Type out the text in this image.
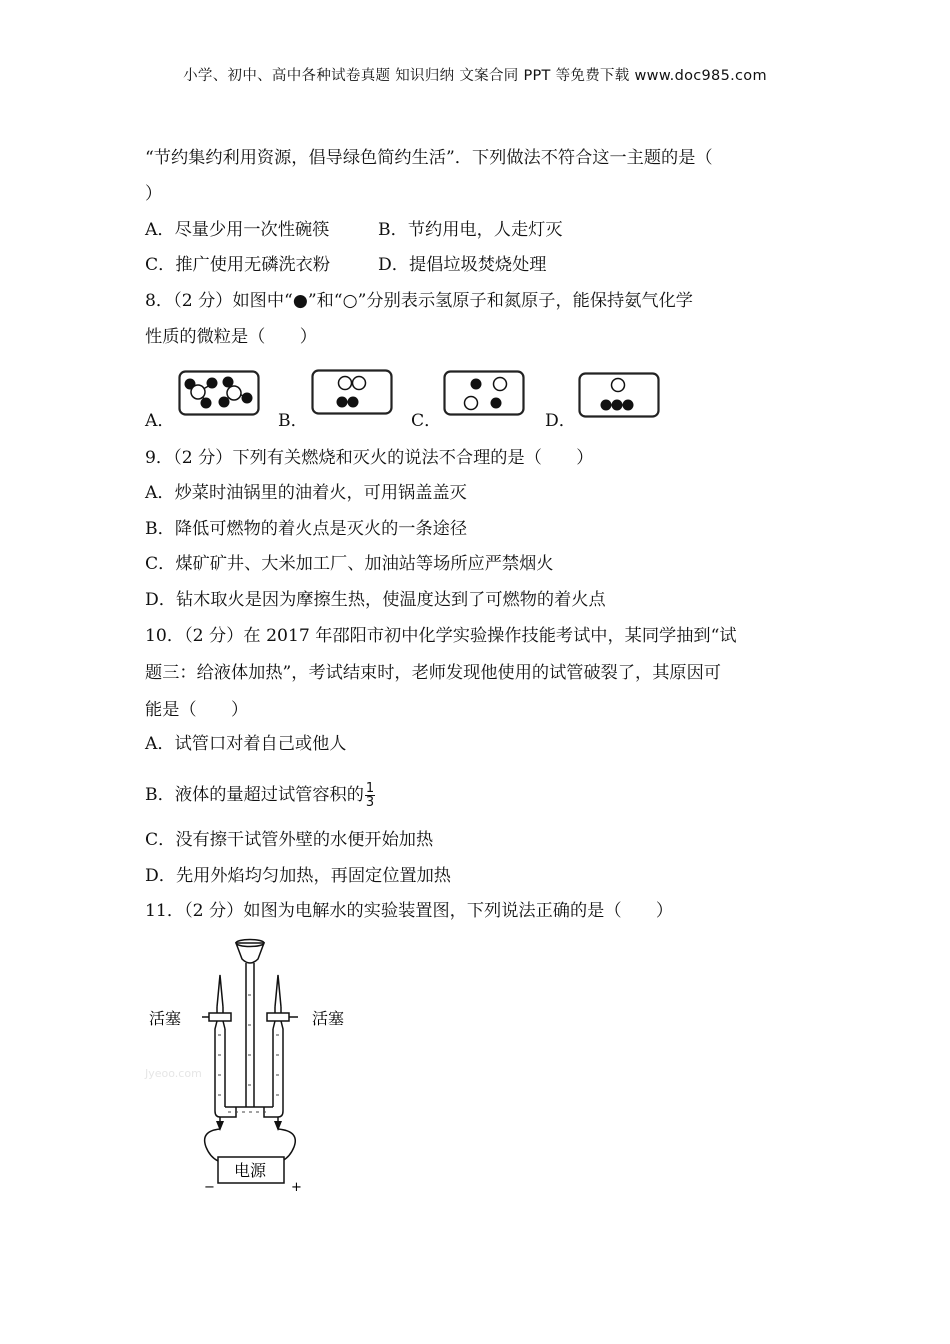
小学、初中、高中各种试卷真题 知识归纳 文案合同 PPT 等免费下载 www.doc985.com
“节约集约利用资源，倡导绿色简约生活”．下列做法不符合这一主题的是（
）
A．尽量少用一次性碗筷	B．节约用电，人走灯灭
C．推广使用无磷洗衣粉	D．提倡垃圾焚烧处理
8．（2 分）如图中“●”和“○”分别表示氢原子和氮原子，能保持氨气化学
性质的微粒是（　　）
A．	B．	C．	D．
9．（2 分）下列有关燃烧和灭火的说法不合理的是（　　）
A．炒菜时油锅里的油着火，可用锅盖盖灭
B．降低可燃物的着火点是灭火的一条途径
C．煤矿矿井、大米加工厂、加油站等场所应严禁烟火
D．钻木取火是因为摩擦生热，使温度达到了可燃物的着火点
10．（2 分）在 2017 年邵阳市初中化学实验操作技能考试中，某同学抽到“试
题三：给液体加热”，考试结束时，老师发现他使用的试管破裂了，其原因可
能是（　　）
A．试管口对着自己或他人
B．液体的量超过试管容积的 $\frac{1}{3}$
C．没有擦干试管外壁的水便开始加热
D．先用外焰均匀加热，再固定位置加热
11．（2 分）如图为电解水的实验装置图，下列说法正确的是（　　）
Jyeoo.com
活塞	活塞
电源
−	+
